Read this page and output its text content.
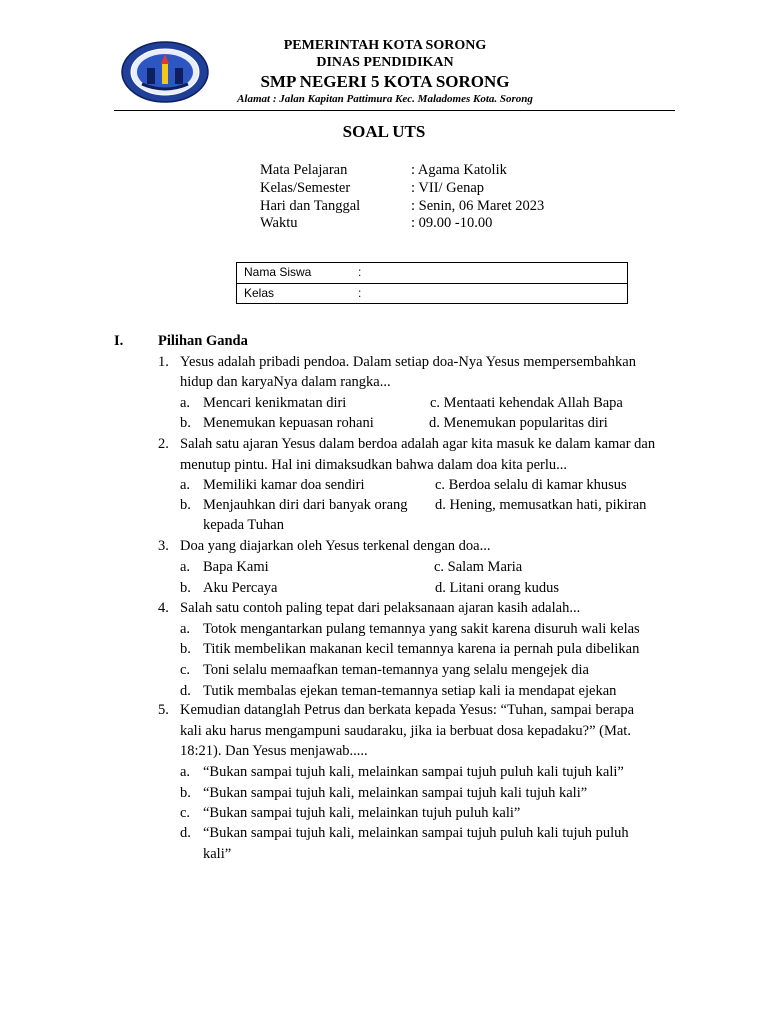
PEMERINTAH KOTA SORONG
DINAS PENDIDIKAN
SMP NEGERI 5 KOTA SORONG
Alamat : Jalan Kapitan Pattimura Kec. Maladomes Kota. Sorong
SOAL UTS
Mata Pelajaran	: Agama Katolik
Kelas/Semester	: VII/ Genap
Hari dan Tanggal	: Senin, 06 Maret 2023
Waktu	: 09.00 -10.00
Nama Siswa	:
Kelas	:
I. Pilihan Ganda
1. Yesus adalah pribadi pendoa. Dalam setiap doa-Nya Yesus mempersembahkan
hidup dan karyaNya dalam rangka...
a. Mencari kenikmatan diri	c. Mentaati kehendak Allah Bapa
b. Menemukan kepuasan rohani	d. Menemukan popularitas diri
2. Salah satu ajaran Yesus dalam berdoa adalah agar kita masuk ke dalam kamar dan
menutup pintu. Hal ini dimaksudkan bahwa dalam doa kita perlu...
a. Memiliki kamar doa sendiri	c. Berdoa selalu di kamar khusus
b. Menjauhkan diri dari banyak orang d. Hening, memusatkan hati, pikiran
kepada Tuhan
3. Doa yang diajarkan oleh Yesus terkenal dengan doa...
a. Bapa Kami	c. Salam Maria
b. Aku Percaya	d. Litani orang kudus
4. Salah satu contoh paling tepat dari pelaksanaan ajaran kasih adalah...
a. Totok mengantarkan pulang temannya yang sakit karena disuruh wali kelas
b. Titik membelikan makanan kecil temannya karena ia pernah pula dibelikan
c. Toni selalu memaafkan teman-temannya yang selalu mengejek dia
d. Tutik membalas ejekan teman-temannya setiap kali ia mendapat ejekan
5. Kemudian datanglah Petrus dan berkata kepada Yesus: “Tuhan, sampai berapa
kali aku harus mengampuni saudaraku, jika ia berbuat dosa kepadaku?” (Mat.
18:21). Dan Yesus menjawab.....
a. “Bukan sampai tujuh kali, melainkan sampai tujuh puluh kali tujuh kali”
b. “Bukan sampai tujuh kali, melainkan sampai tujuh kali tujuh kali”
c. “Bukan sampai tujuh kali, melainkan tujuh puluh kali”
d. “Bukan sampai tujuh kali, melainkan sampai tujuh puluh kali tujuh puluh
kali”
